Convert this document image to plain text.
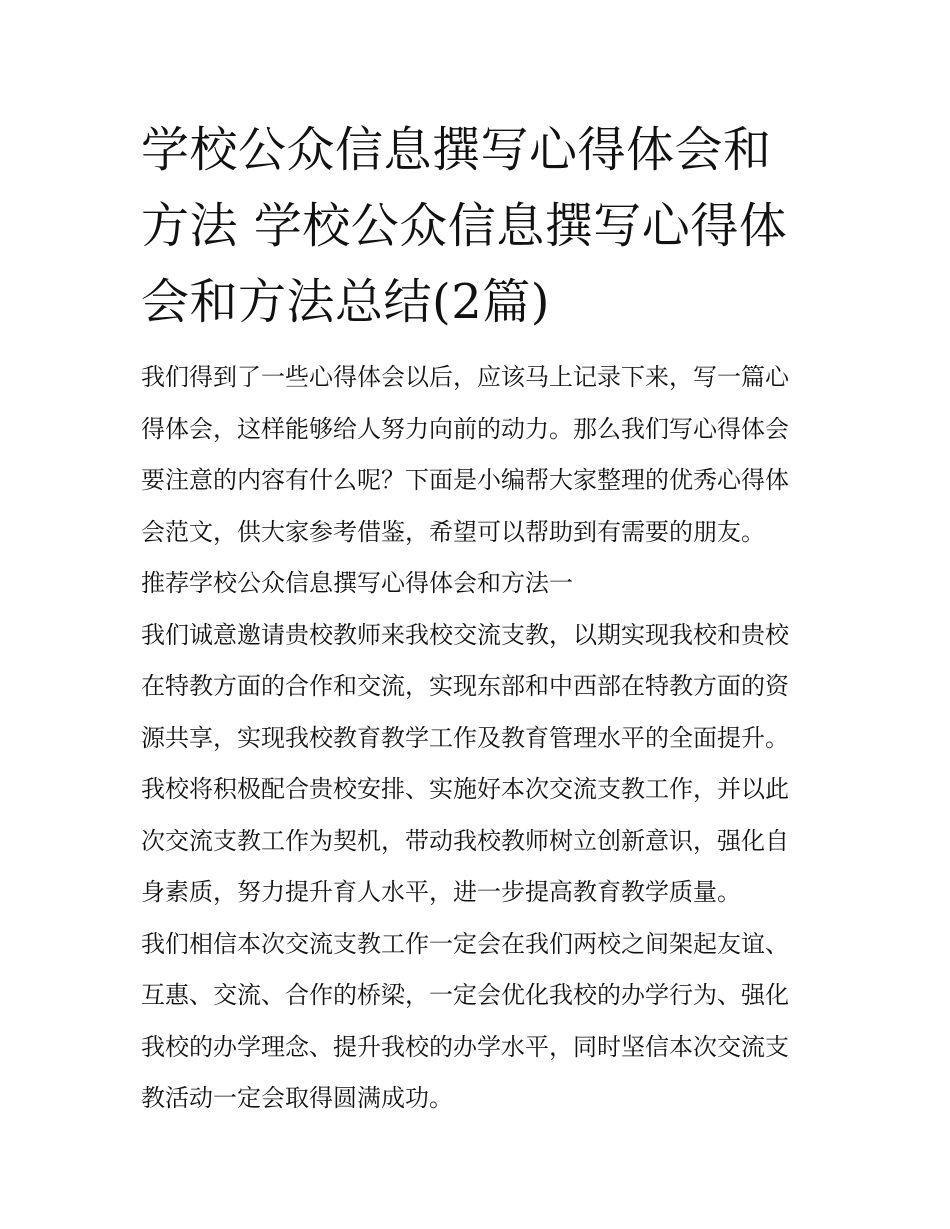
学校公众信息撰写心得体会和方法 学校公众信息撰写心得体会和方法总结(2篇)

我们得到了一些心得体会以后，应该马上记录下来，写一篇心得体会，这样能够给人努力向前的动力。那么我们写心得体会要注意的内容有什么呢？下面是小编帮大家整理的优秀心得体会范文，供大家参考借鉴，希望可以帮助到有需要的朋友。

推荐学校公众信息撰写心得体会和方法一

我们诚意邀请贵校教师来我校交流支教，以期实现我校和贵校在特教方面的合作和交流，实现东部和中西部在特教方面的资源共享，实现我校教育教学工作及教育管理水平的全面提升。

我校将积极配合贵校安排、实施好本次交流支教工作，并以此次交流支教工作为契机，带动我校教师树立创新意识，强化自身素质，努力提升育人水平，进一步提高教育教学质量。

我们相信本次交流支教工作一定会在我们两校之间架起友谊、互惠、交流、合作的桥梁，一定会优化我校的办学行为、强化我校的办学理念、提升我校的办学水平，同时坚信本次交流支教活动一定会取得圆满成功。
